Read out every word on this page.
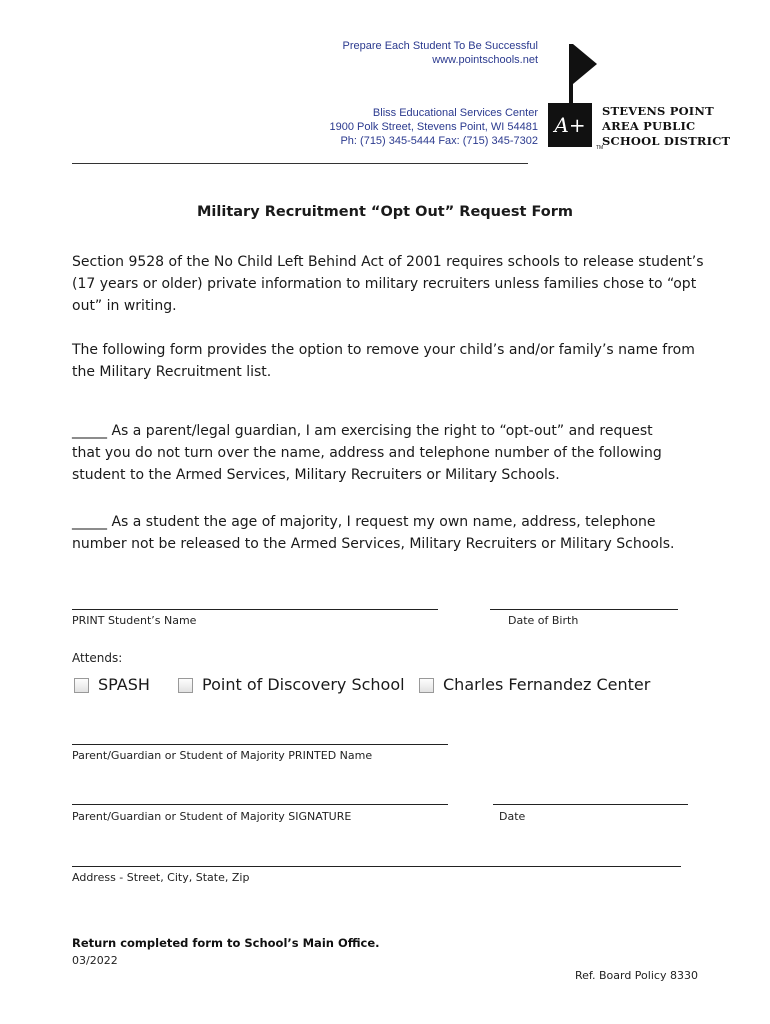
Prepare Each Student To Be Successful
www.pointschools.net
Bliss Educational Services Center
1900 Polk Street, Stevens Point, WI 54481
Ph: (715) 345-5444 Fax: (715) 345-7302
A+
TM
STEVENS POINT
AREA PUBLIC
SCHOOL DISTRICT
Military Recruitment “Opt Out” Request Form
Section 9528 of the No Child Left Behind Act of 2001 requires schools to release student’s (17 years or older) private information to military recruiters unless families chose to “opt out” in writing.
The following form provides the option to remove your child’s and/or family’s name from the Military Recruitment list.
_____ As a parent/legal guardian, I am exercising the right to “opt-out” and request that you do not turn over the name, address and telephone number of the following student to the Armed Services, Military Recruiters or Military Schools.
_____ As a student the age of majority, I request my own name, address, telephone number not be released to the Armed Services, Military Recruiters or Military Schools.
PRINT Student’s Name	Date of Birth
Attends:
SPASH	Point of Discovery School Charles Fernandez Center
Parent/Guardian or Student of Majority PRINTED Name
Parent/Guardian or Student of Majority SIGNATURE	Date
Address - Street, City, State, Zip
Return completed form to School’s Main Office.
03/2022
Ref. Board Policy 8330
